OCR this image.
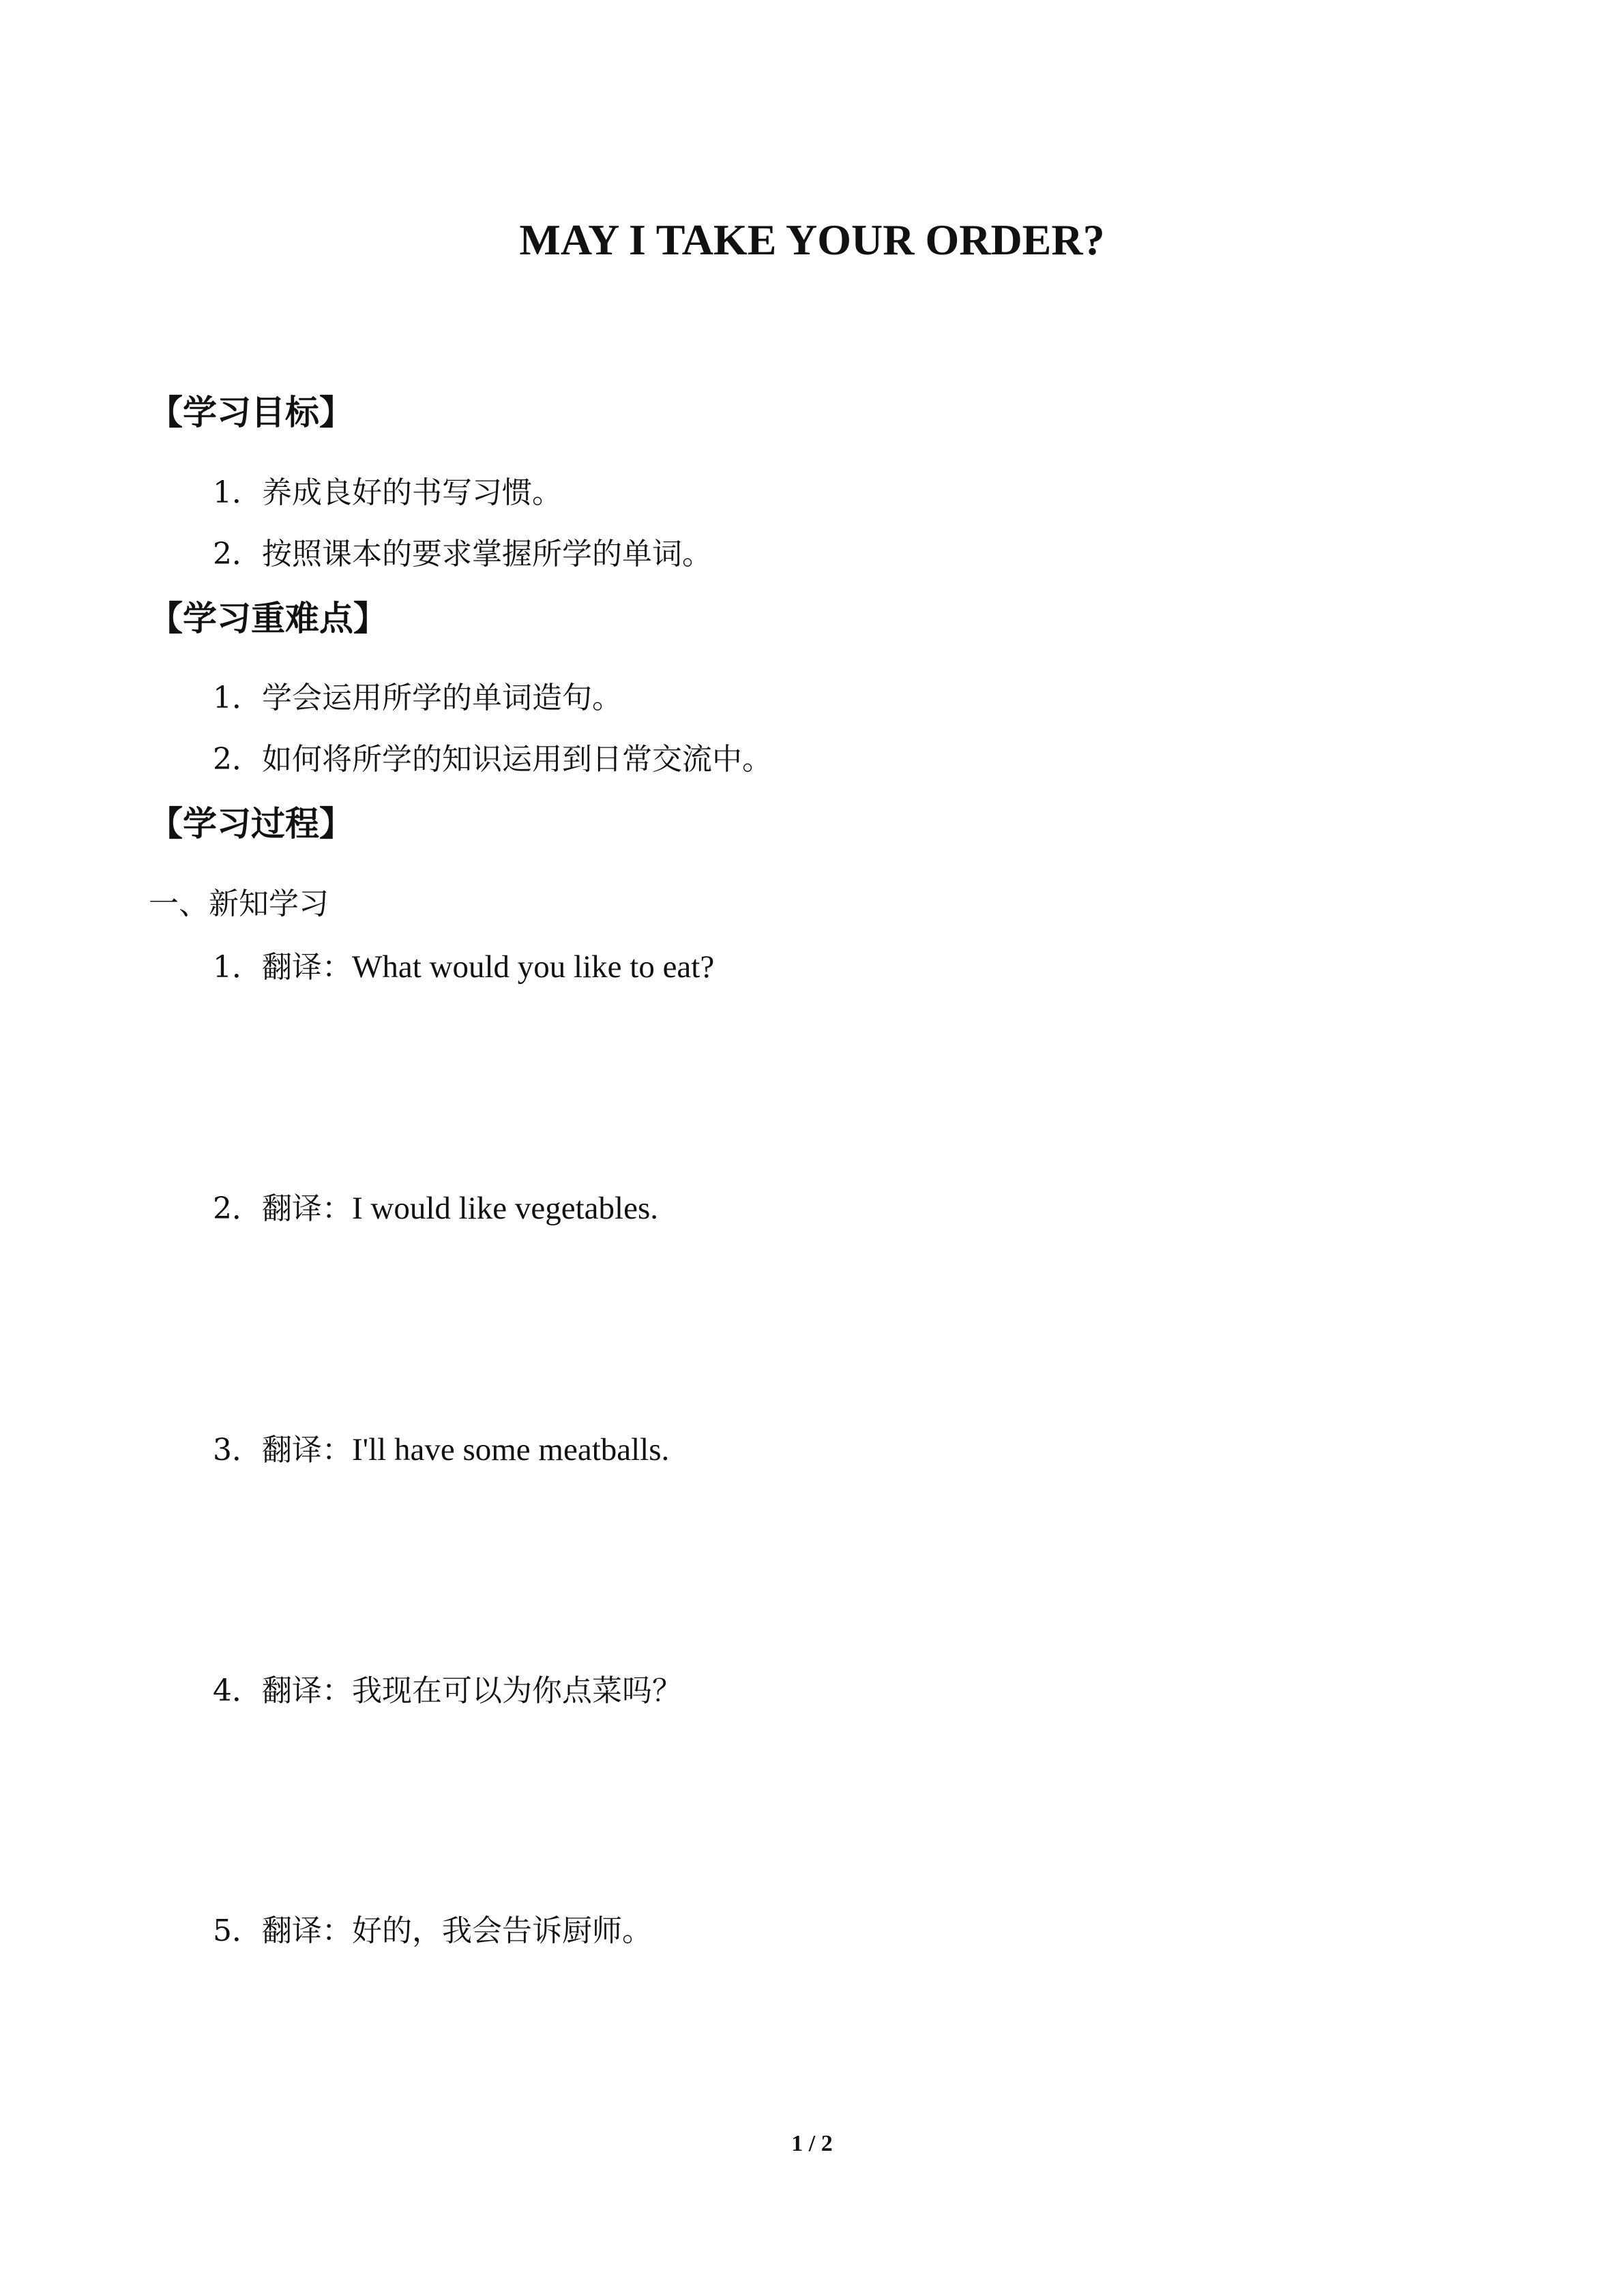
MAY I TAKE YOUR ORDER?
【学习目标】
1．养成良好的书写习惯。
2．按照课本的要求掌握所学的单词。
【学习重难点】
1．学会运用所学的单词造句。
2．如何将所学的知识运用到日常交流中。
【学习过程】
一、新知学习
1．翻译：What would you like to eat?
2．翻译：I would like vegetables.
3．翻译：I'll have some meatballs.
4．翻译：我现在可以为你点菜吗？
5．翻译：好的，我会告诉厨师。
1 / 2
